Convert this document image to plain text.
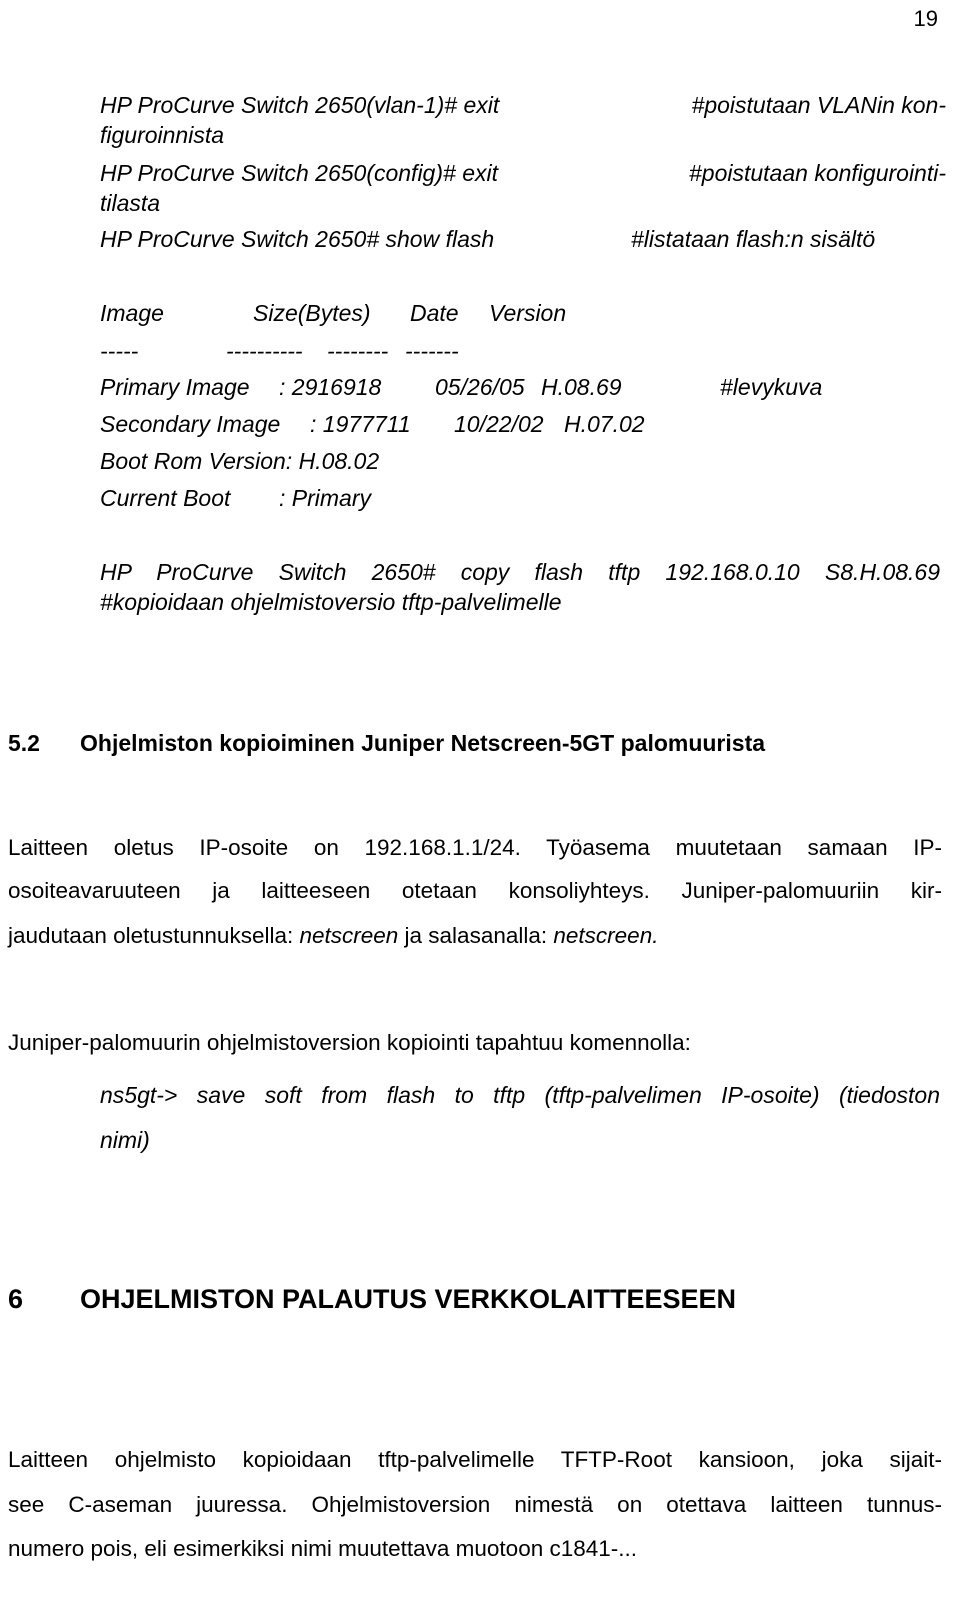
19
HP ProCurve Switch 2650(vlan-1)# exit	#poistutaan VLANin kon-
figuroinnista
HP ProCurve Switch 2650(config)# exit	#poistutaan konfigurointi-
tilasta
HP ProCurve Switch 2650# show flash	#listataan flash:n sisältö
Image	Size(Bytes) Date Version
-----	---------- -------- -------
Primary Image : 2916918 05/26/05 H.08.69	#levykuva
Secondary Image : 1977711 10/22/02 H.07.02
Boot Rom Version: H.08.02
Current Boot : Primary
HP ProCurve Switch 2650# copy flash tftp 192.168.0.10 S8.H.08.69
#kopioidaan ohjelmistoversio tftp-palvelimelle
5.2 Ohjelmiston kopioiminen Juniper Netscreen-5GT palomuurista
Laitteen oletus IP-osoite on 192.168.1.1/24. Työasema muutetaan samaan IP-
osoiteavaruuteen ja laitteeseen otetaan konsoliyhteys. Juniper-palomuuriin kir-
jaudutaan oletustunnuksella: netscreen ja salasanalla: netscreen.
Juniper-palomuurin ohjelmistoversion kopiointi tapahtuu komennolla:
ns5gt-> save soft from flash to tftp (tftp-palvelimen IP-osoite) (tiedoston
nimi)
6 OHJELMISTON PALAUTUS VERKKOLAITTEESEEN
Laitteen ohjelmisto kopioidaan tftp-palvelimelle TFTP-Root kansioon, joka sijait-
see C-aseman juuressa. Ohjelmistoversion nimestä on otettava laitteen tunnus-
numero pois, eli esimerkiksi nimi muutettava muotoon c1841-...
